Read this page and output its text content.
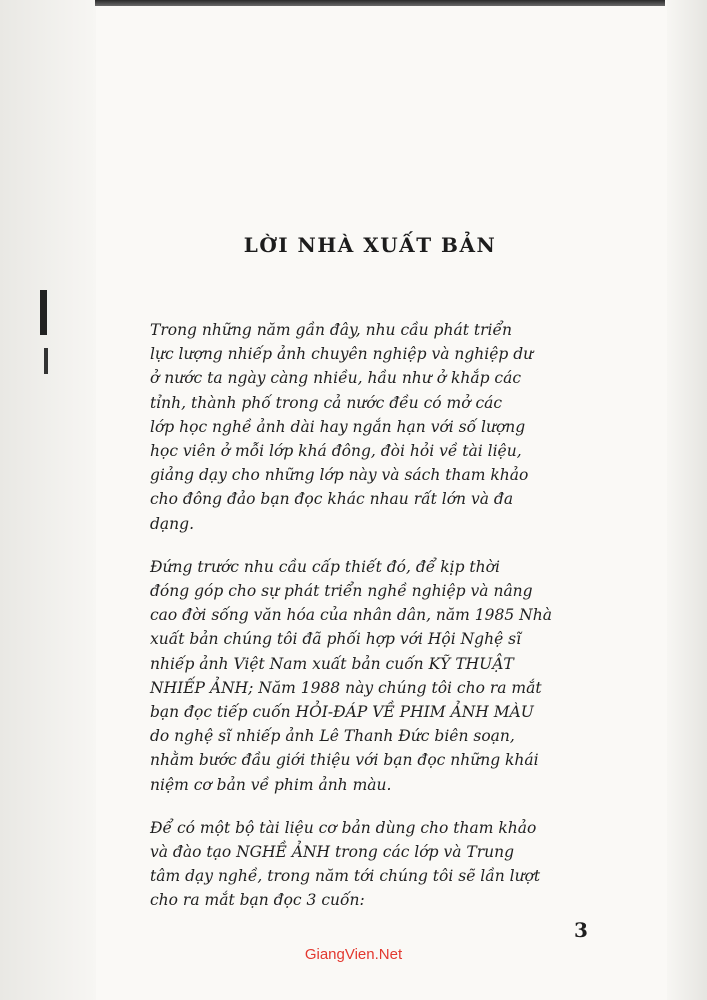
LỜI NHÀ XUẤT BẢN

Trong những năm gần đây, nhu cầu phát triển
lực lượng nhiếp ảnh chuyên nghiệp và nghiệp dư
ở nước ta ngày càng nhiều, hầu như ở khắp các
tỉnh, thành phố trong cả nước đều có mở các
lớp học nghề ảnh dài hay ngắn hạn với số lượng
học viên ở mỗi lớp khá đông, đòi hỏi về tài liệu,
giảng dạy cho những lớp này và sách tham khảo
cho đông đảo bạn đọc khác nhau rất lớn và đa
dạng.

Đứng trước nhu cầu cấp thiết đó, để kịp thời
đóng góp cho sự phát triển nghề nghiệp và nâng
cao đời sống văn hóa của nhân dân, năm 1985 Nhà
xuất bản chúng tôi đã phối hợp với Hội Nghệ sĩ
nhiếp ảnh Việt Nam xuất bản cuốn KỸ THUẬT
NHIẾP ẢNH; Năm 1988 này chúng tôi cho ra mắt
bạn đọc tiếp cuốn HỎI-ĐÁP VỀ PHIM ẢNH MÀU
do nghệ sĩ nhiếp ảnh Lê Thanh Đức biên soạn,
nhằm bước đầu giới thiệu với bạn đọc những khái
niệm cơ bản về phim ảnh màu.

Để có một bộ tài liệu cơ bản dùng cho tham khảo
và đào tạo NGHỀ ẢNH trong các lớp và Trung
tâm dạy nghề, trong năm tới chúng tôi sẽ lần lượt
cho ra mắt bạn đọc 3 cuốn:

3
GiangVien.Net
